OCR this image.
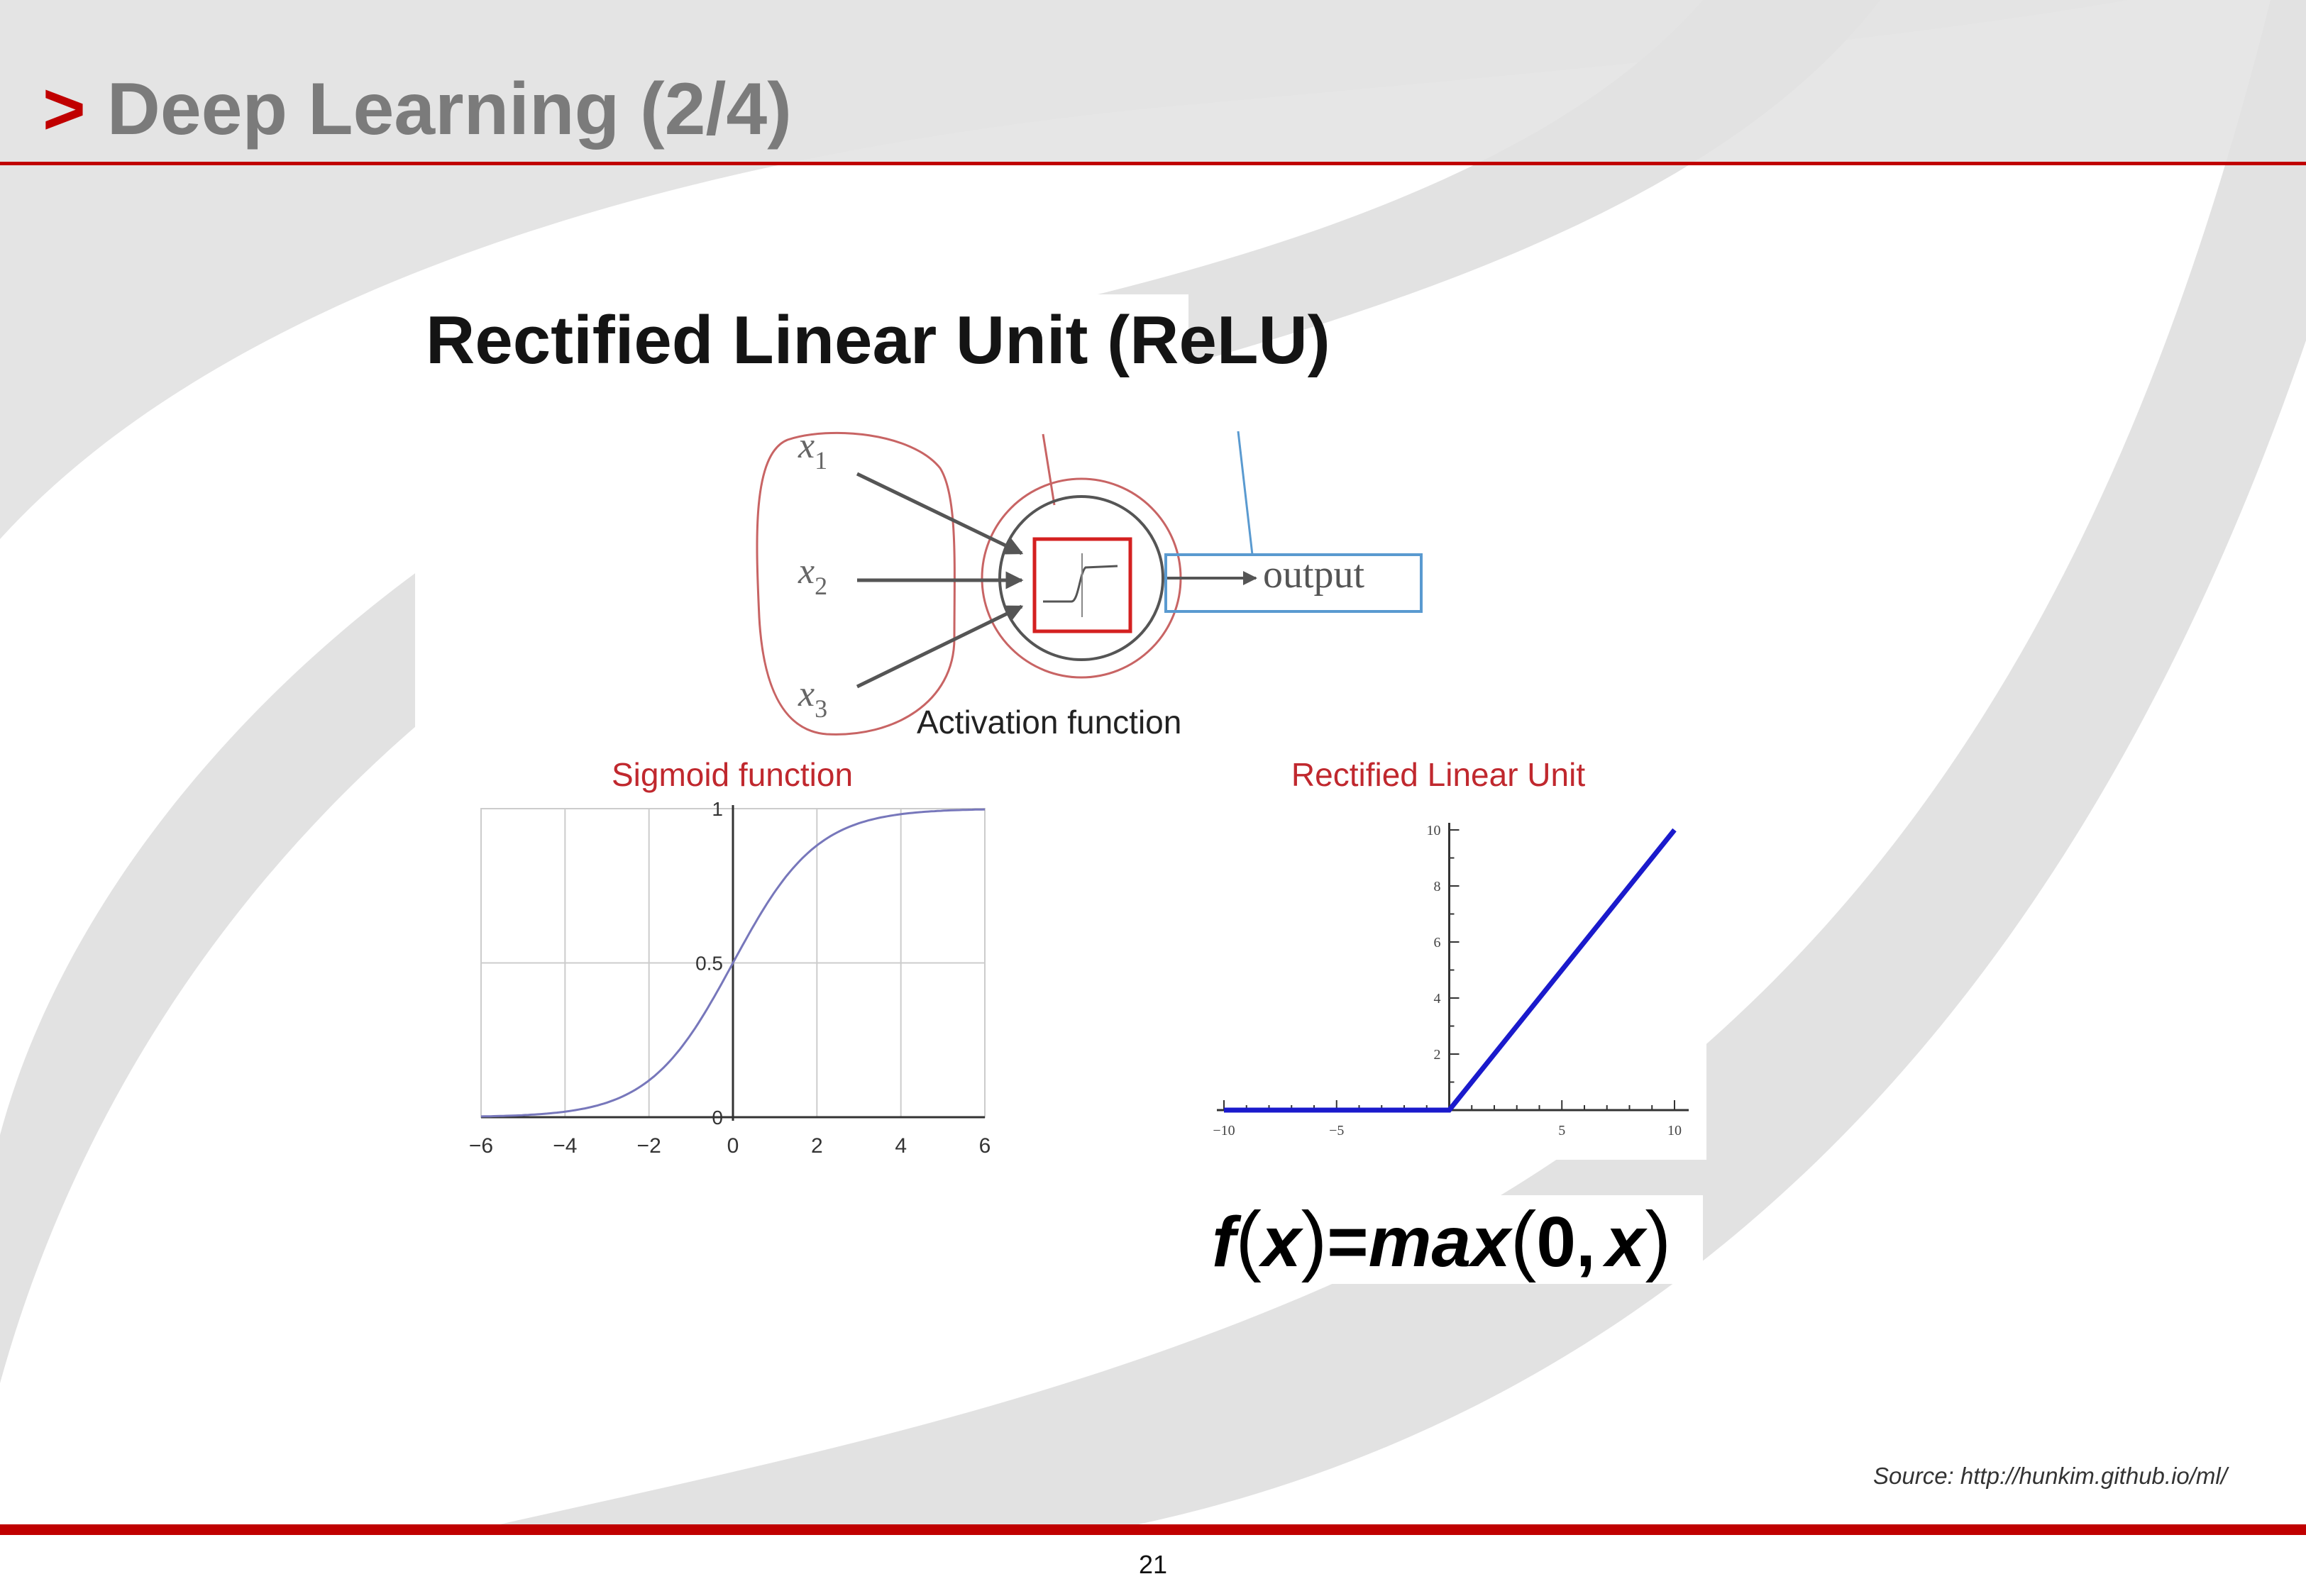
> Deep Learning (2/4)
Rectified Linear Unit (ReLU)
$x_1$
$x_2$
$x_3$
output
Activation function
Sigmoid function
−6	−4	−2	0	2	4	6
0
0.5
1
Rectified Linear Unit
−10	−5	5	10
2
4
6
8
10
f(x)=max(0, x)
Source: http://hunkim.github.io/ml/
21
